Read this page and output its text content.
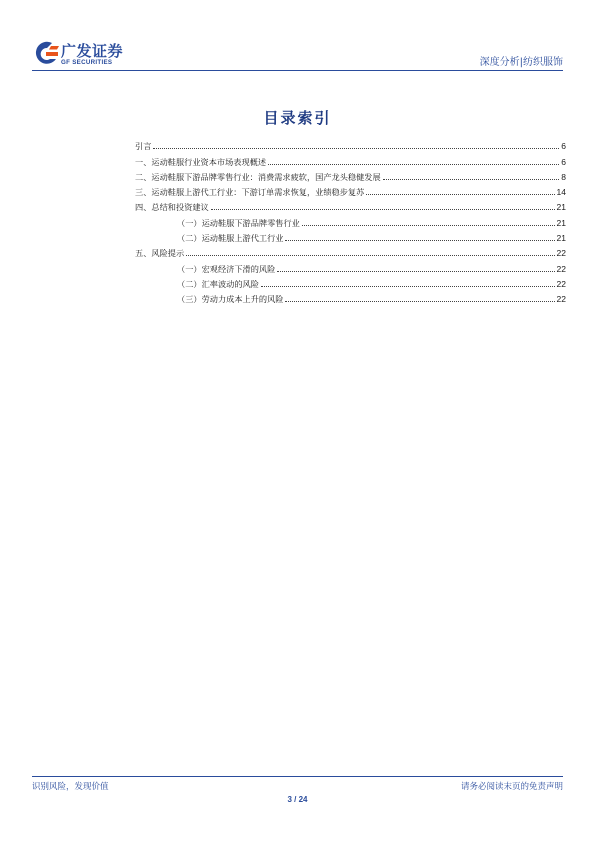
广发证券
GF SECURITIES	深度分析|纺织服饰
目录索引
引言	6
一、运动鞋服行业资本市场表现概述	6
二、运动鞋服下游品牌零售行业：消费需求疲软，国产龙头稳健发展	8
三、运动鞋服上游代工行业：下游订单需求恢复，业绩稳步复苏	14
四、总结和投资建议	21
（一）运动鞋服下游品牌零售行业	21
（二）运动鞋服上游代工行业	21
五、风险提示	22
（一）宏观经济下滑的风险	22
（二）汇率波动的风险	22
（三）劳动力成本上升的风险	22
识别风险，发现价值	请务必阅读末页的免责声明
3 / 24
